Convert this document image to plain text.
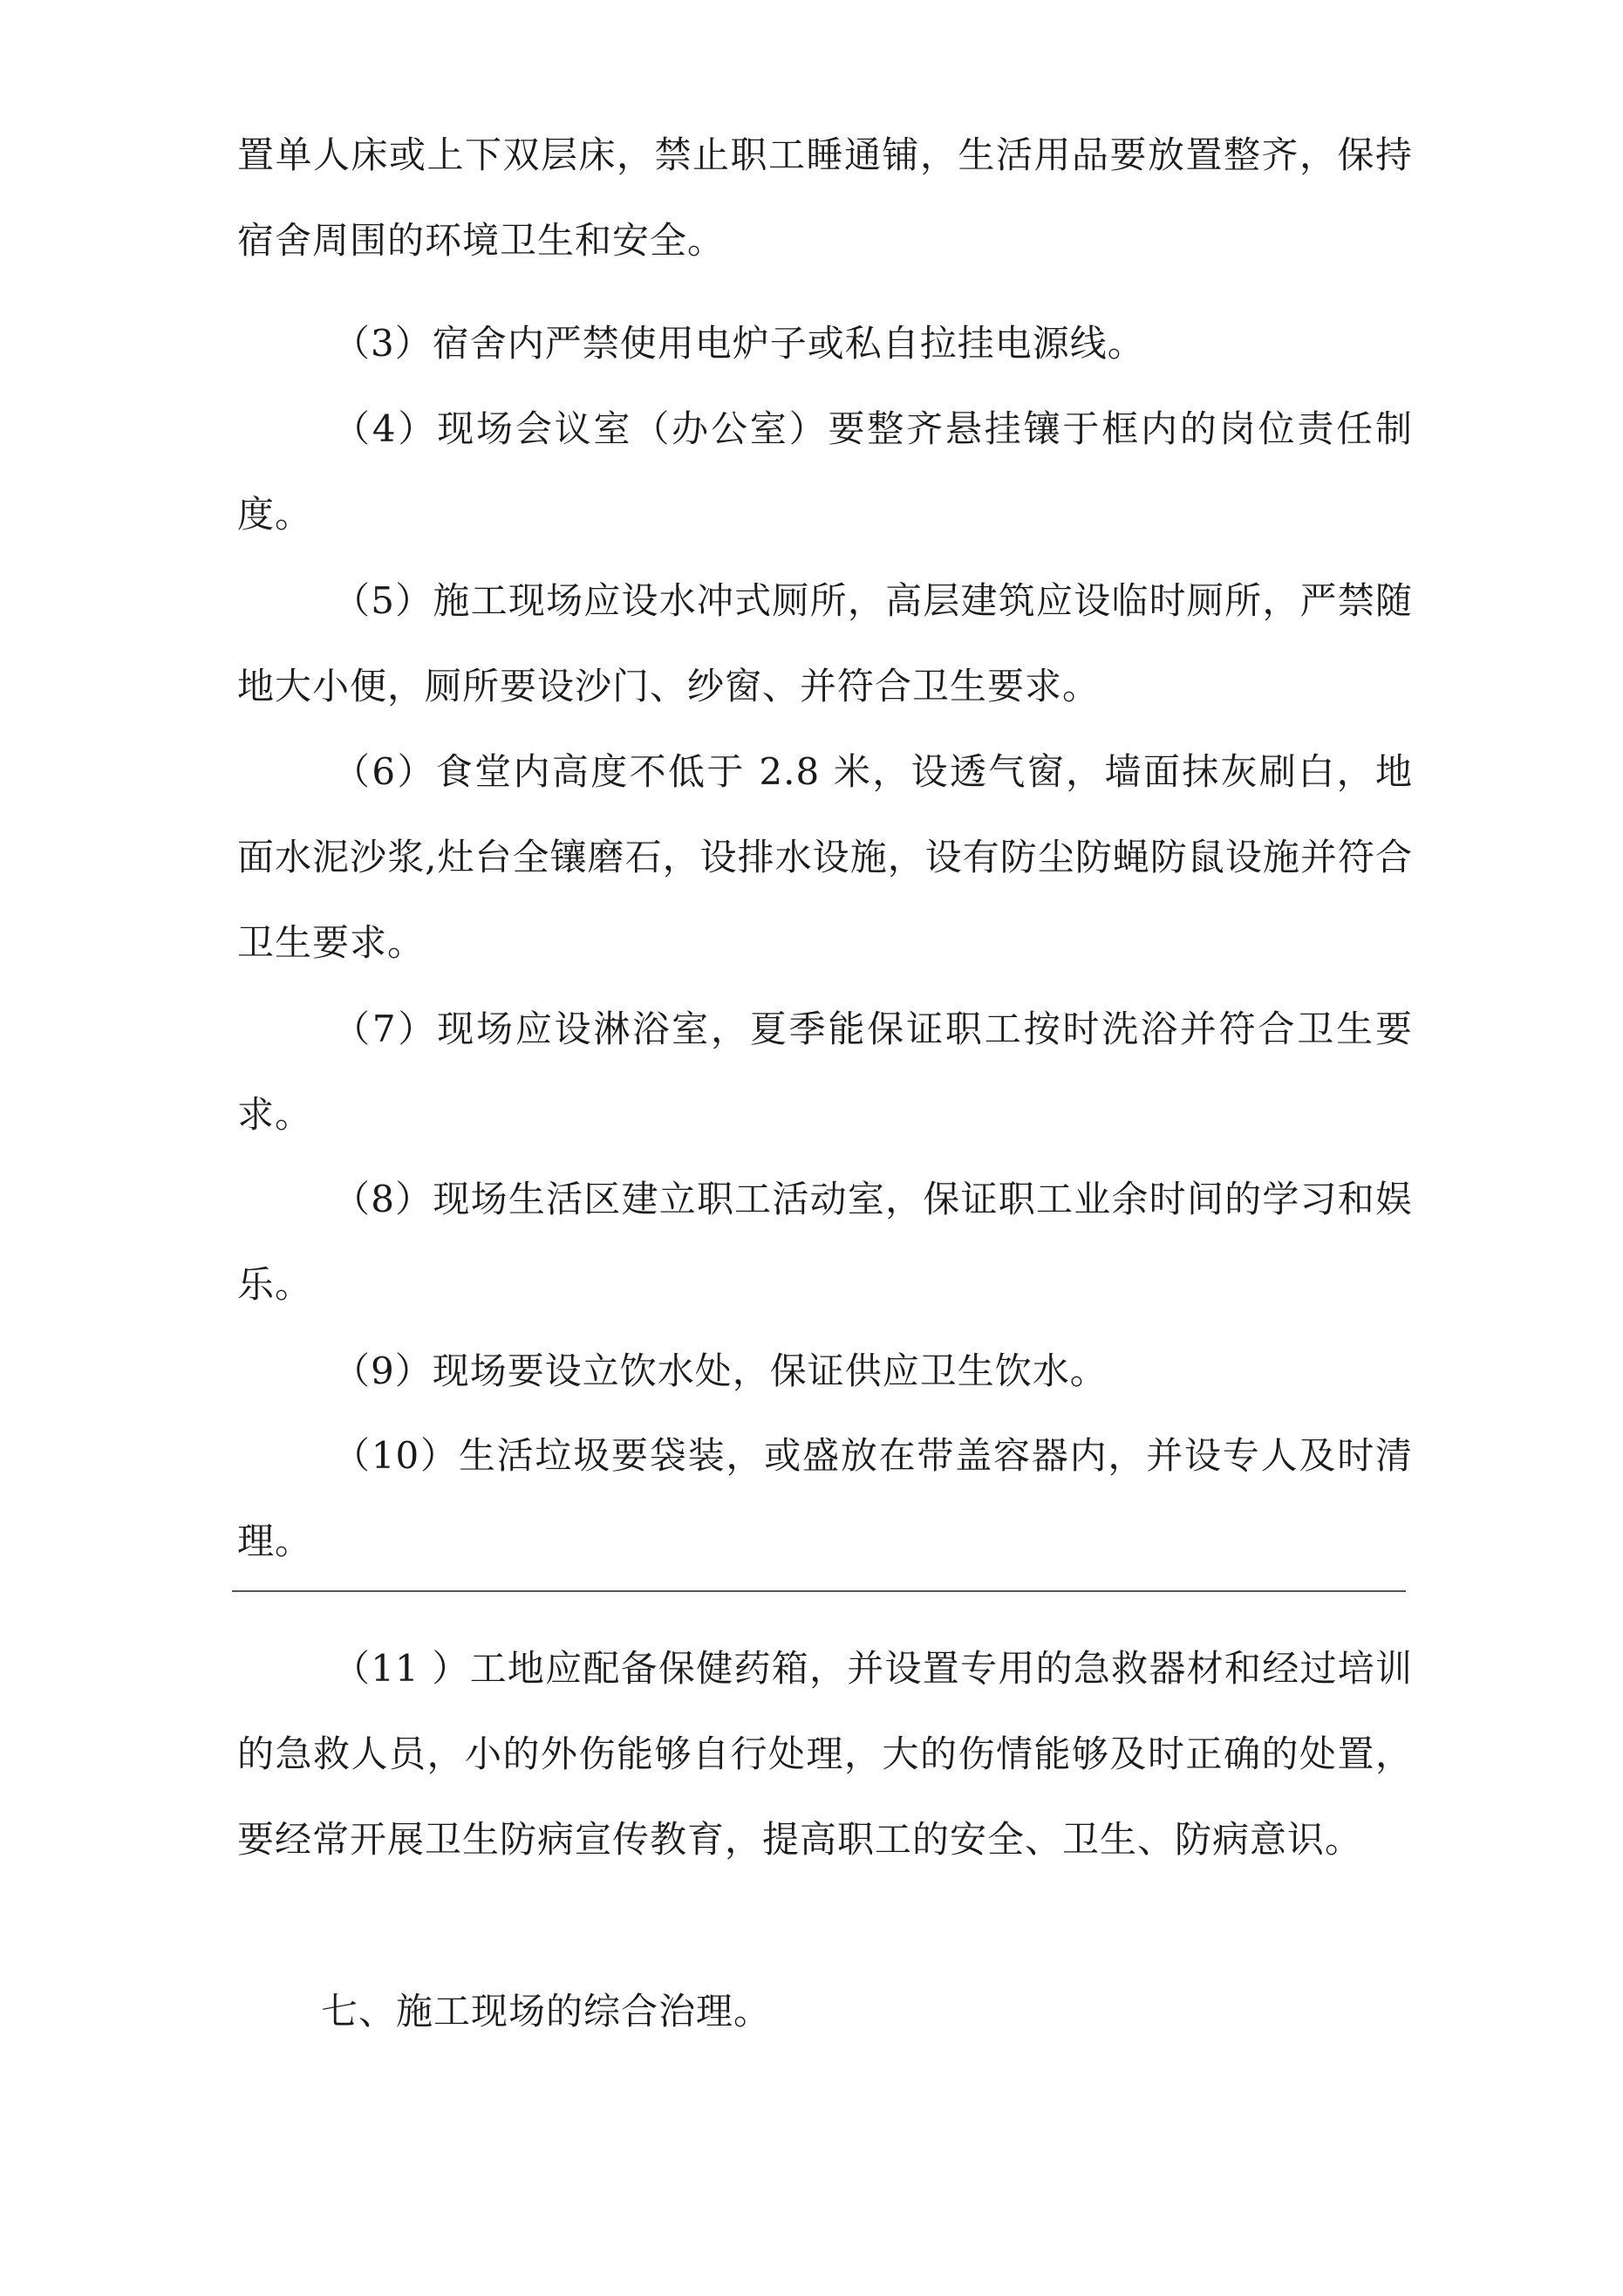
置单人床或上下双层床，禁止职工睡通铺，生活用品要放置整齐，保持宿舍周围的环境卫生和安全。

（3）宿舍内严禁使用电炉子或私自拉挂电源线。

（4）现场会议室（办公室）要整齐悬挂镶于框内的岗位责任制度。

（5）施工现场应设水冲式厕所，高层建筑应设临时厕所，严禁随地大小便，厕所要设沙门、纱窗、并符合卫生要求。

（6）食堂内高度不低于 2.8 米，设透气窗，墙面抹灰刷白，地面水泥沙浆,灶台全镶磨石，设排水设施，设有防尘防蝇防鼠设施并符合卫生要求。

（7）现场应设淋浴室，夏季能保证职工按时洗浴并符合卫生要求。

（8）现场生活区建立职工活动室，保证职工业余时间的学习和娱乐。

（9）现场要设立饮水处，保证供应卫生饮水。

（10）生活垃圾要袋装，或盛放在带盖容器内，并设专人及时清理。

（11 ）工地应配备保健药箱，并设置专用的急救器材和经过培训的急救人员，小的外伤能够自行处理，大的伤情能够及时正确的处置，要经常开展卫生防病宣传教育，提高职工的安全、卫生、防病意识。

七、施工现场的综合治理。
